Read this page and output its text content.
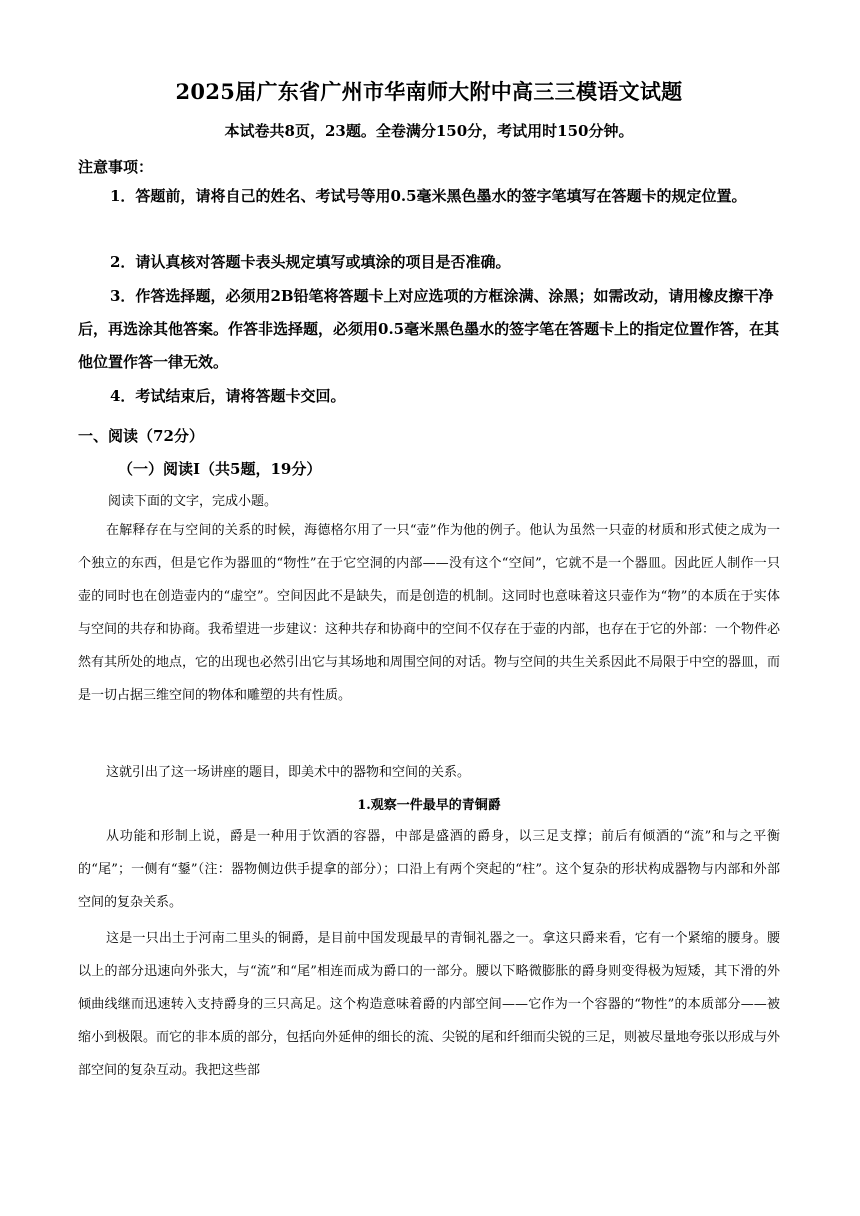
2025届广东省广州市华南师大附中高三三模语文试题
本试卷共8页，23题。全卷满分150分，考试用时150分钟。
注意事项：

1．答题前，请将自己的姓名、考试号等用0.5毫米黑色墨水的签字笔填写在答题卡的规定位置。

2．请认真核对答题卡表头规定填写或填涂的项目是否准确。

3．作答选择题，必须用2B铅笔将答题卡上对应选项的方框涂满、涂黑；如需改动，请用橡皮擦干净后，再选涂其他答案。作答非选择题，必须用0.5毫米黑色墨水的签字笔在答题卡上的指定位置作答，在其他位置作答一律无效。

4．考试结束后，请将答题卡交回。

一、阅读（72分）
（一）阅读Ⅰ（共5题，19分）
阅读下面的文字，完成小题。

在解释存在与空间的关系的时候，海德格尔用了一只“壶”作为他的例子。他认为虽然一只壶的材质和形式使之成为一个独立的东西，但是它作为器皿的“物性”在于它空洞的内部——没有这个“空间”，它就不是一个器皿。因此匠人制作一只壶的同时也在创造壶内的“虚空”。空间因此不是缺失，而是创造的机制。这同时也意味着这只壶作为“物”的本质在于实体与空间的共存和协商。我希望进一步建议：这种共存和协商中的空间不仅存在于壶的内部，也存在于它的外部：一个物件必然有其所处的地点，它的出现也必然引出它与其场地和周围空间的对话。物与空间的共生关系因此不局限于中空的器皿，而是一切占据三维空间的物体和雕塑的共有性质。

这就引出了这一场讲座的题目，即美术中的器物和空间的关系。

1.观察一件最早的青铜爵

从功能和形制上说，爵是一种用于饮酒的容器，中部是盛酒的爵身，以三足支撑；前后有倾酒的“流”和与之平衡的“尾”；一侧有“鋬”（注：器物侧边供手提拿的部分）；口沿上有两个突起的“柱”。这个复杂的形状构成器物与内部和外部空间的复杂关系。

这是一只出土于河南二里头的铜爵，是目前中国发现最早的青铜礼器之一。拿这只爵来看，它有一个紧缩的腰身。腰以上的部分迅速向外张大，与“流”和“尾”相连而成为爵口的一部分。腰以下略微膨胀的爵身则变得极为短矮，其下滑的外倾曲线继而迅速转入支持爵身的三只高足。这个构造意味着爵的内部空间——它作为一个容器的“物性”的本质部分——被缩小到极限。而它的非本质的部分，包括向外延伸的细长的流、尖锐的尾和纤细而尖锐的三足，则被尽量地夸张以形成与外部空间的复杂互动。我把这些部
